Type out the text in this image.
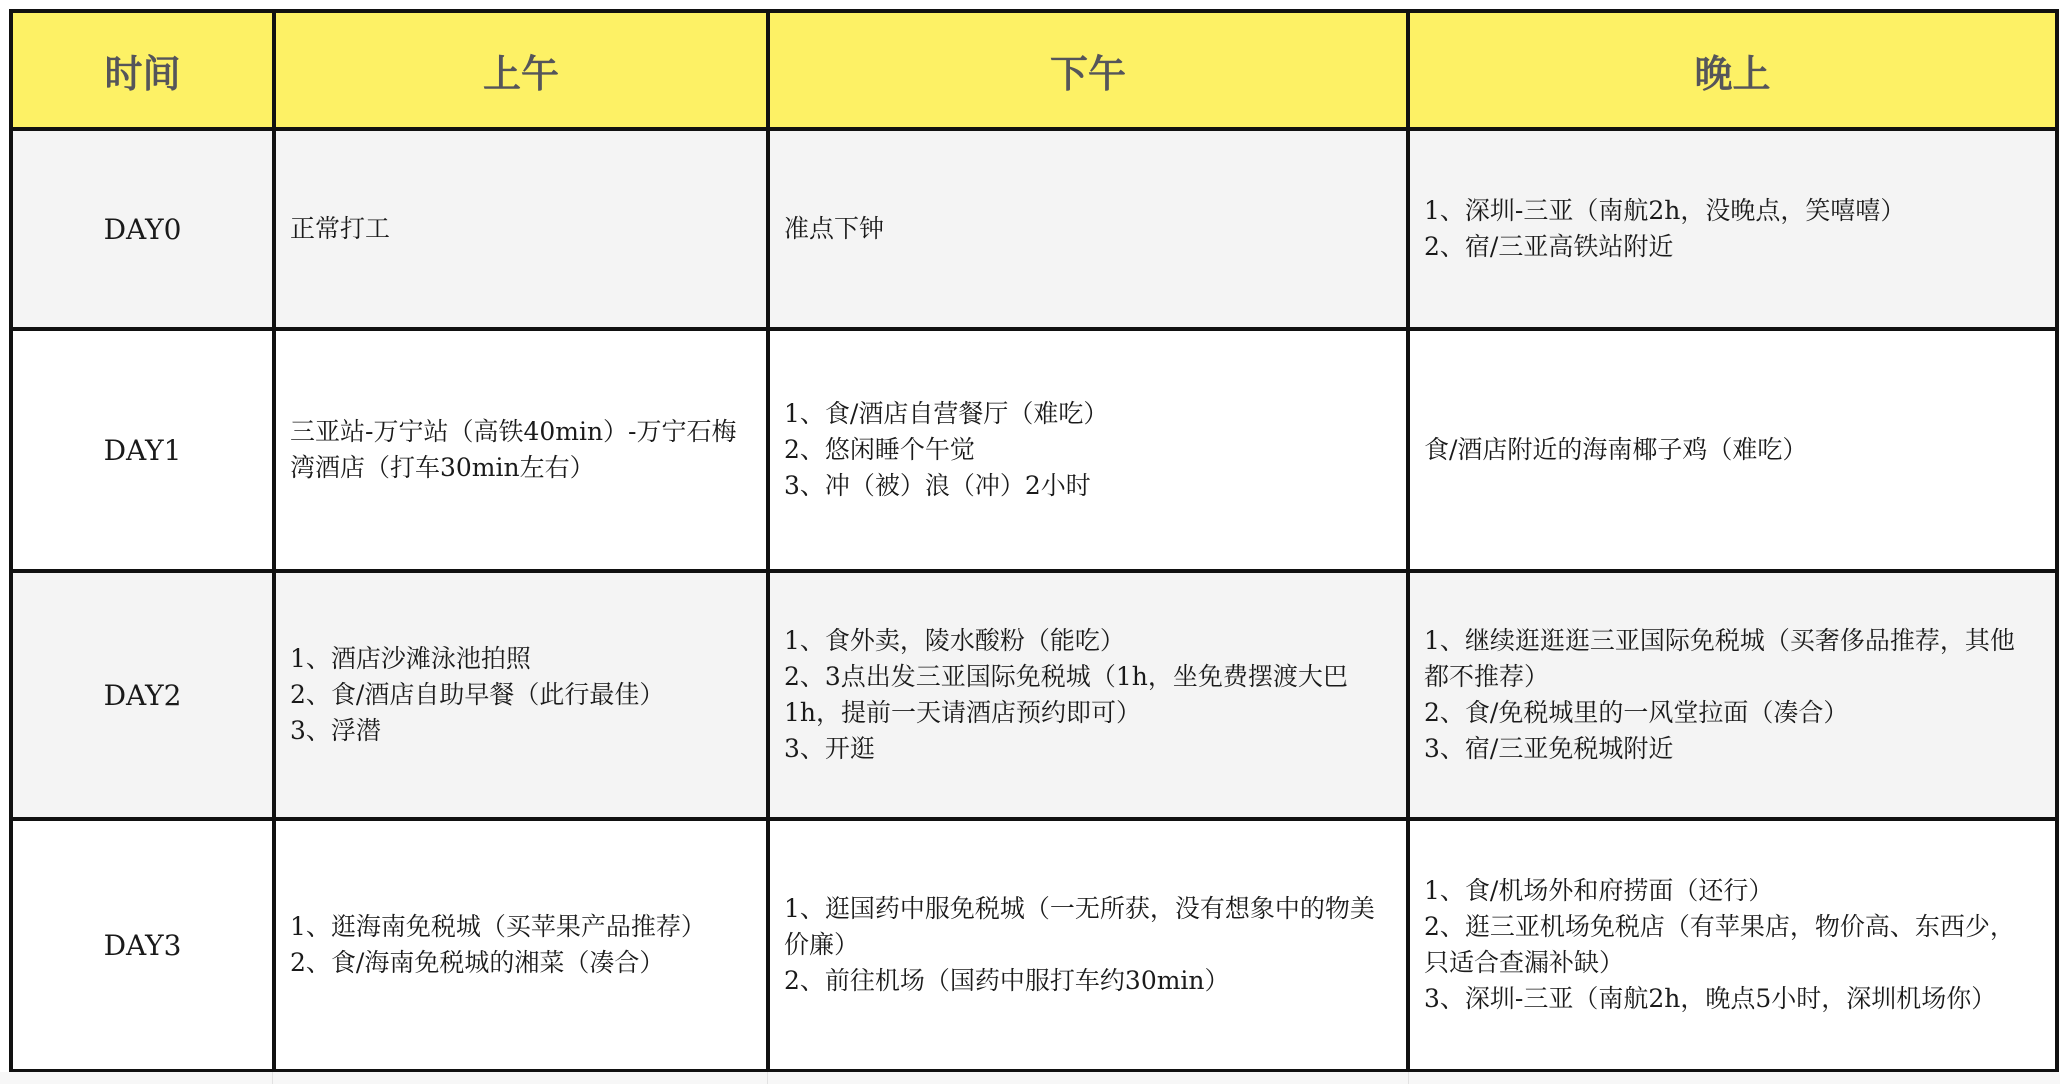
时间	上午	下午	晚上
DAY0	正常打工	准点下钟	1、深圳-三亚（南航2h，没晚点，笑嘻嘻）
2、宿/三亚高铁站附近

DAY1	三亚站-万宁站（高铁40min）-万宁石梅
湾酒店（打车30min左右）	1、食/酒店自营餐厅（难吃）
2、悠闲睡个午觉
3、冲（被）浪（冲）2小时	食/酒店附近的海南椰子鸡（难吃）

DAY2	1、酒店沙滩泳池拍照
2、食/酒店自助早餐（此行最佳）
3、浮潜	1、食外卖，陵水酸粉（能吃）
2、3点出发三亚国际免税城（1h，坐免费摆渡大巴
1h，提前一天请酒店预约即可）
3、开逛	1、继续逛逛逛三亚国际免税城（买奢侈品推荐，其他
都不推荐）
2、食/免税城里的一风堂拉面（凑合）
3、宿/三亚免税城附近

DAY3	1、逛海南免税城（买苹果产品推荐）
2、食/海南免税城的湘菜（凑合）	1、逛国药中服免税城（一无所获，没有想象中的物美
价廉）
2、前往机场（国药中服打车约30min）	1、食/机场外和府捞面（还行）
2、逛三亚机场免税店（有苹果店，物价高、东西少，
只适合查漏补缺）
3、深圳-三亚（南航2h，晚点5小时，深圳机场你）
